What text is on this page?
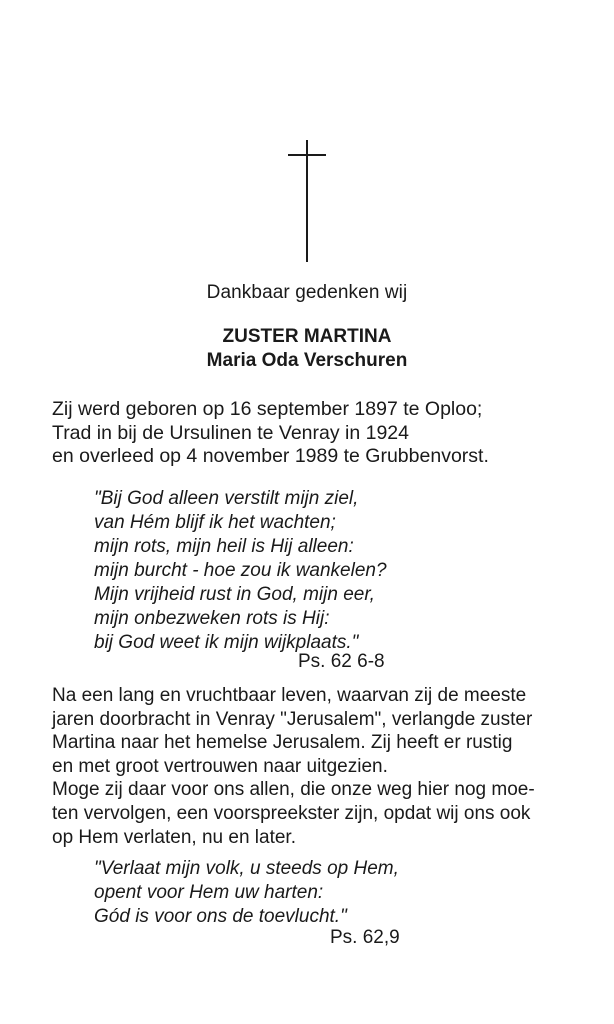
Dankbaar gedenken wij
ZUSTER MARTINA
Maria Oda Verschuren
Zij werd geboren op 16 september 1897 te Oploo;
Trad in bij de Ursulinen te Venray in 1924
en overleed op 4 november 1989 te Grubbenvorst.
"Bij God alleen verstilt mijn ziel,
van Hém blijf ik het wachten;
mijn rots, mijn heil is Hij alleen:
mijn burcht - hoe zou ik wankelen?
Mijn vrijheid rust in God, mijn eer,
mijn onbezweken rots is Hij:
bij God weet ik mijn wijkplaats."
Ps. 62 6-8
Na een lang en vruchtbaar leven, waarvan zij de meeste
jaren doorbracht in Venray "Jerusalem", verlangde zuster
Martina naar het hemelse Jerusalem. Zij heeft er rustig
en met groot vertrouwen naar uitgezien.
Moge zij daar voor ons allen, die onze weg hier nog moe-
ten vervolgen, een voorspreekster zijn, opdat wij ons ook
op Hem verlaten, nu en later.
"Verlaat mijn volk, u steeds op Hem,
opent voor Hem uw harten:
Gód is voor ons de toevlucht."
Ps. 62,9
